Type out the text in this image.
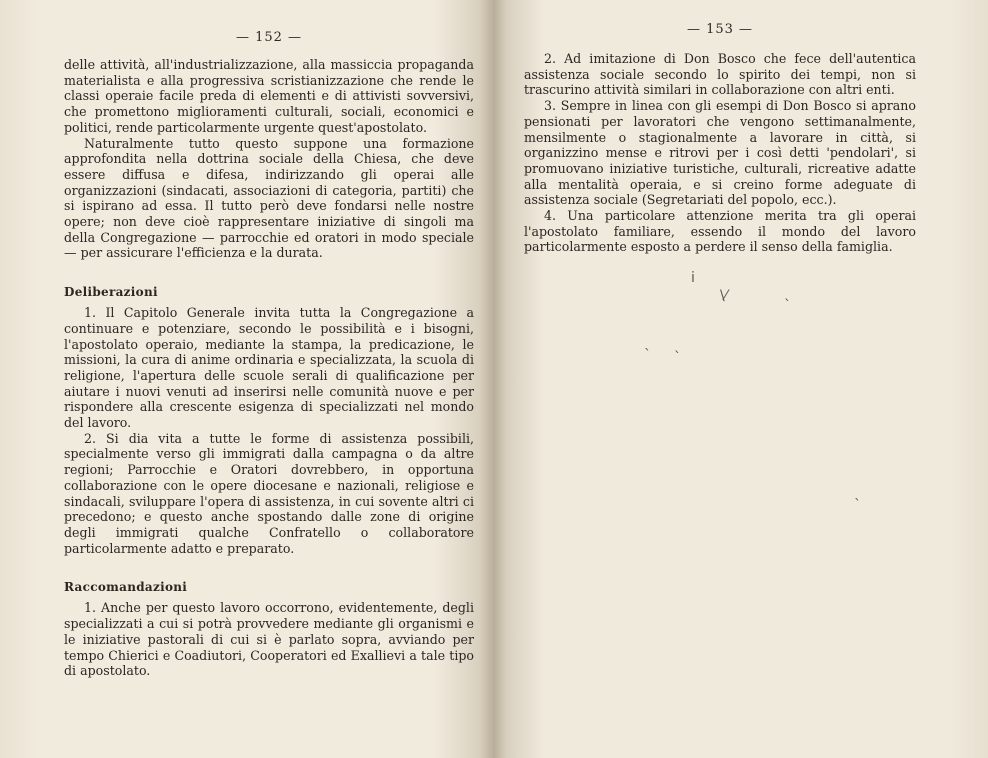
— 152 —

delle attività, all'industrializzazione, alla massiccia propaganda materialista e alla progressiva scristianizzazione che rende le classi operaie facile preda di elementi e di attivisti sovversivi, che promettono miglioramenti culturali, sociali, economici e politici, rende particolarmente urgente quest'apostolato.

Naturalmente tutto questo suppone una formazione approfondita nella dottrina sociale della Chiesa, che deve essere diffusa e difesa, indirizzando gli operai alle organizzazioni (sindacati, associazioni di categoria, partiti) che si ispirano ad essa. Il tutto però deve fondarsi nelle nostre opere; non deve cioè rappresentare iniziative di singoli ma della Congregazione — parrocchie ed oratori in modo speciale — per assicurare l'efficienza e la durata.

Deliberazioni

1. Il Capitolo Generale invita tutta la Congregazione a continuare e potenziare, secondo le possibilità e i bisogni, l'apostolato operaio, mediante la stampa, la predicazione, le missioni, la cura di anime ordinaria e specializzata, la scuola di religione, l'apertura delle scuole serali di qualificazione per aiutare i nuovi venuti ad inserirsi nelle comunità nuove e per rispondere alla crescente esigenza di specializzati nel mondo del lavoro.

2. Si dia vita a tutte le forme di assistenza possibili, specialmente verso gli immigrati dalla campagna o da altre regioni; Parrocchie e Oratori dovrebbero, in opportuna collaborazione con le opere diocesane e nazionali, religiose e sindacali, sviluppare l'opera di assistenza, in cui sovente altri ci precedono; e questo anche spostando dalle zone di origine degli immigrati qualche Confratello o collaboratore particolarmente adatto e preparato.

Raccomandazioni

1. Anche per questo lavoro occorrono, evidentemente, degli specializzati a cui si potrà provvedere mediante gli organismi e le iniziative pastorali di cui si è parlato sopra, avviando per tempo Chierici e Coadiutori, Cooperatori ed Exallievi a tale tipo di apostolato.

— 153 —

2. Ad imitazione di Don Bosco che fece dell'autentica assistenza sociale secondo lo spirito dei tempi, non si trascurino attività similari in collaborazione con altri enti.

3. Sempre in linea con gli esempi di Don Bosco si aprano pensionati per lavoratori che vengono settimanalmente, mensilmente o stagionalmente a lavorare in città, si organizzino mense e ritrovi per i così detti 'pendolari', si promuovano iniziative turistiche, culturali, ricreative adatte alla mentalità operaia, e si creino forme adeguate di assistenza sociale (Segretariati del popolo, ecc.).

4. Una particolare attenzione merita tra gli operai l'apostolato familiare, essendo il mondo del lavoro particolarmente esposto a perdere il senso della famiglia.

ⅰ
\⁄
ˋ
ˎ
ˋ
ˎ
